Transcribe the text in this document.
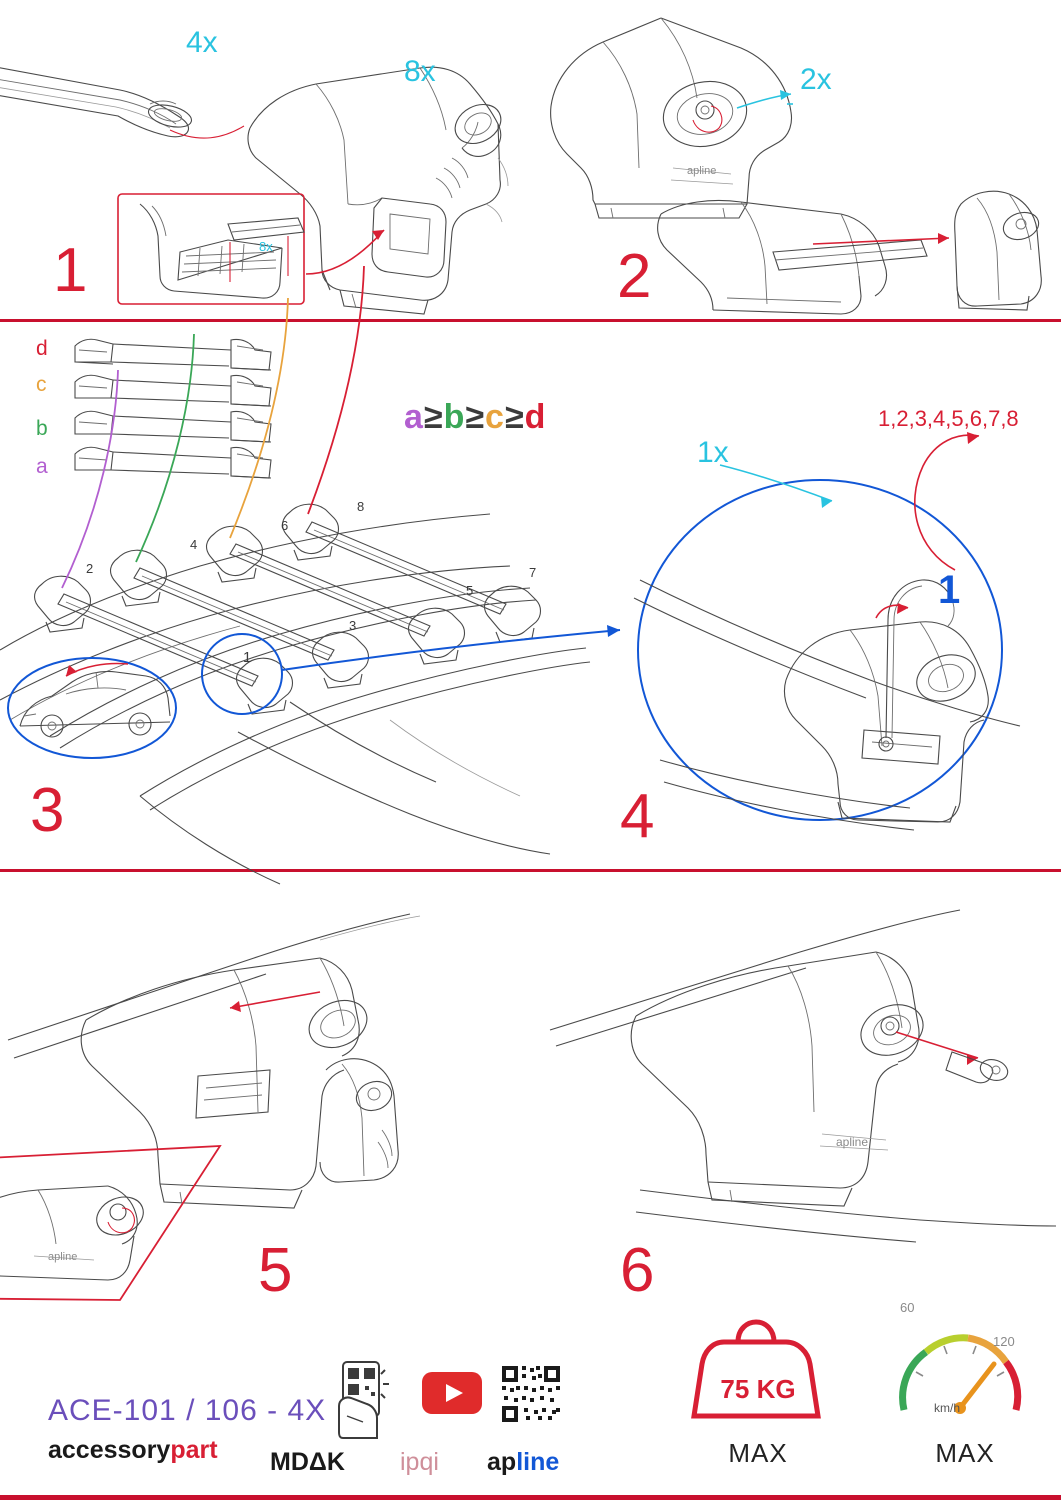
4x
8x
8x
1
apline
2x
2
d
c
b
a
a≥b≥c≥d
2
3
4
5
6
7
8
1
3
1x
1,2,3,4,5,6,7,8
1
4
apline	5
apline
6
ACE-101 / 106 - 4X
accessorypart MDΔK ipqi apline
75 KG
MAX
60
120
km/h
MAX
